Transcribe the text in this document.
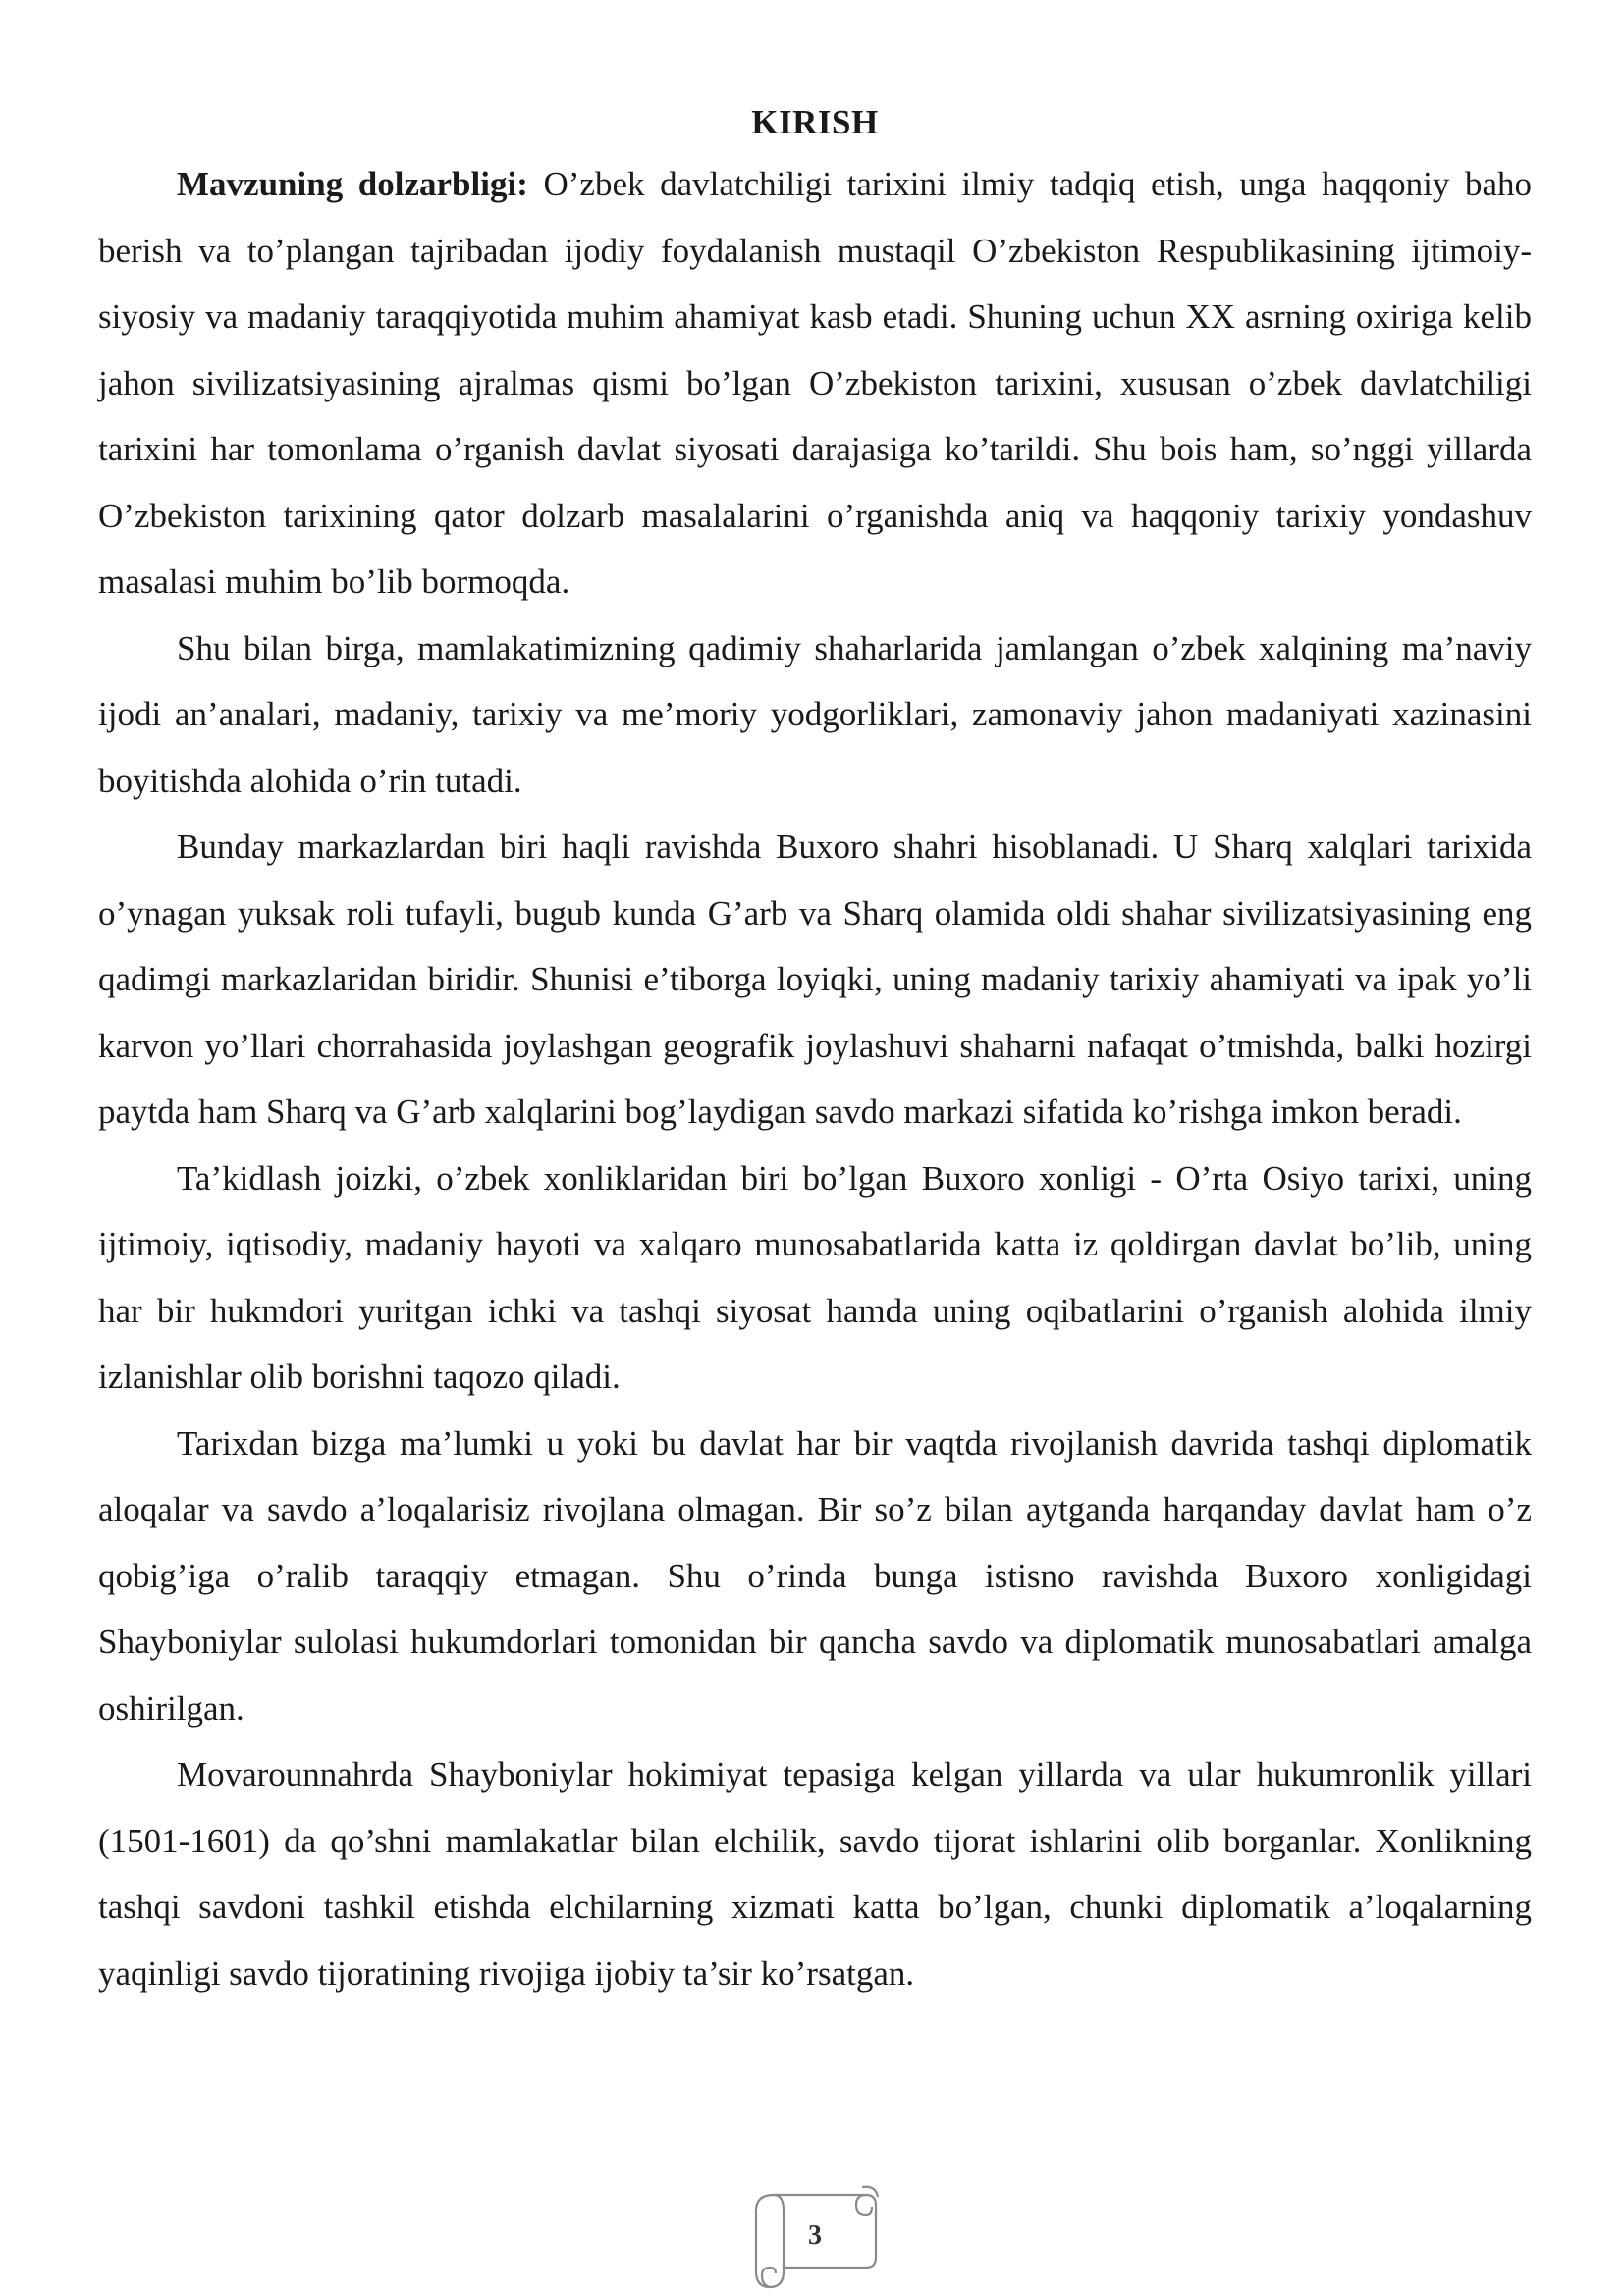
KIRISH

Mavzuning dolzarbligi: O’zbek davlatchiligi tarixini ilmiy tadqiq etish, unga haqqoniy baho berish va to’plangan tajribadan ijodiy foydalanish mustaqil O’zbekiston Respublikasining ijtimoiy-siyosiy va madaniy taraqqiyotida muhim ahamiyat kasb etadi. Shuning uchun XX asrning oxiriga kelib jahon sivilizatsiyasining ajralmas qismi bo’lgan O’zbekiston tarixini, xususan o’zbek davlatchiligi tarixini har tomonlama o’rganish davlat siyosati darajasiga ko’tarildi. Shu bois ham, so’nggi yillarda O’zbekiston tarixining qator dolzarb masalalarini o’rganishda aniq va haqqoniy tarixiy yondashuv masalasi muhim bo’lib bormoqda.

Shu bilan birga, mamlakatimizning qadimiy shaharlarida jamlangan o’zbek xalqining ma’naviy ijodi an’analari, madaniy, tarixiy va me’moriy yodgorliklari, zamonaviy jahon madaniyati xazinasini boyitishda alohida o’rin tutadi.

Bunday markazlardan biri haqli ravishda Buxoro shahri hisoblanadi. U Sharq xalqlari tarixida o’ynagan yuksak roli tufayli, bugub kunda G’arb va Sharq olamida oldi shahar sivilizatsiyasining eng qadimgi markazlaridan biridir. Shunisi e’tiborga loyiqki, uning madaniy tarixiy ahamiyati va ipak yo’li karvon yo’llari chorrahasida joylashgan geografik joylashuvi shaharni nafaqat o’tmishda, balki hozirgi paytda ham Sharq va G’arb xalqlarini bog’laydigan savdo markazi sifatida ko’rishga imkon beradi.

Ta’kidlash joizki, o’zbek xonliklaridan biri bo’lgan Buxoro xonligi - O’rta Osiyo tarixi, uning ijtimoiy, iqtisodiy, madaniy hayoti va xalqaro munosabatlarida katta iz qoldirgan davlat bo’lib, uning har bir hukmdori yuritgan ichki va tashqi siyosat hamda uning oqibatlarini o’rganish alohida ilmiy izlanishlar olib borishni taqozo qiladi.

Tarixdan bizga ma’lumki u yoki bu davlat har bir vaqtda rivojlanish davrida tashqi diplomatik aloqalar va savdo a’loqalarisiz rivojlana olmagan. Bir so’z bilan aytganda harqanday davlat ham o’z qobig’iga o’ralib taraqqiy etmagan. Shu o’rinda bunga istisno ravishda Buxoro xonligidagi Shayboniylar sulolasi hukumdorlari tomonidan bir qancha savdo va diplomatik munosabatlari amalga oshirilgan.

Movarounnahrda Shayboniylar hokimiyat tepasiga kelgan yillarda va ular hukumronlik yillari (1501-1601) da qo’shni mamlakatlar bilan elchilik, savdo tijorat ishlarini olib borganlar. Xonlikning tashqi savdoni tashkil etishda elchilarning xizmati katta bo’lgan, chunki diplomatik a’loqalarning yaqinligi savdo tijoratining rivojiga ijobiy ta’sir ko’rsatgan.

3
